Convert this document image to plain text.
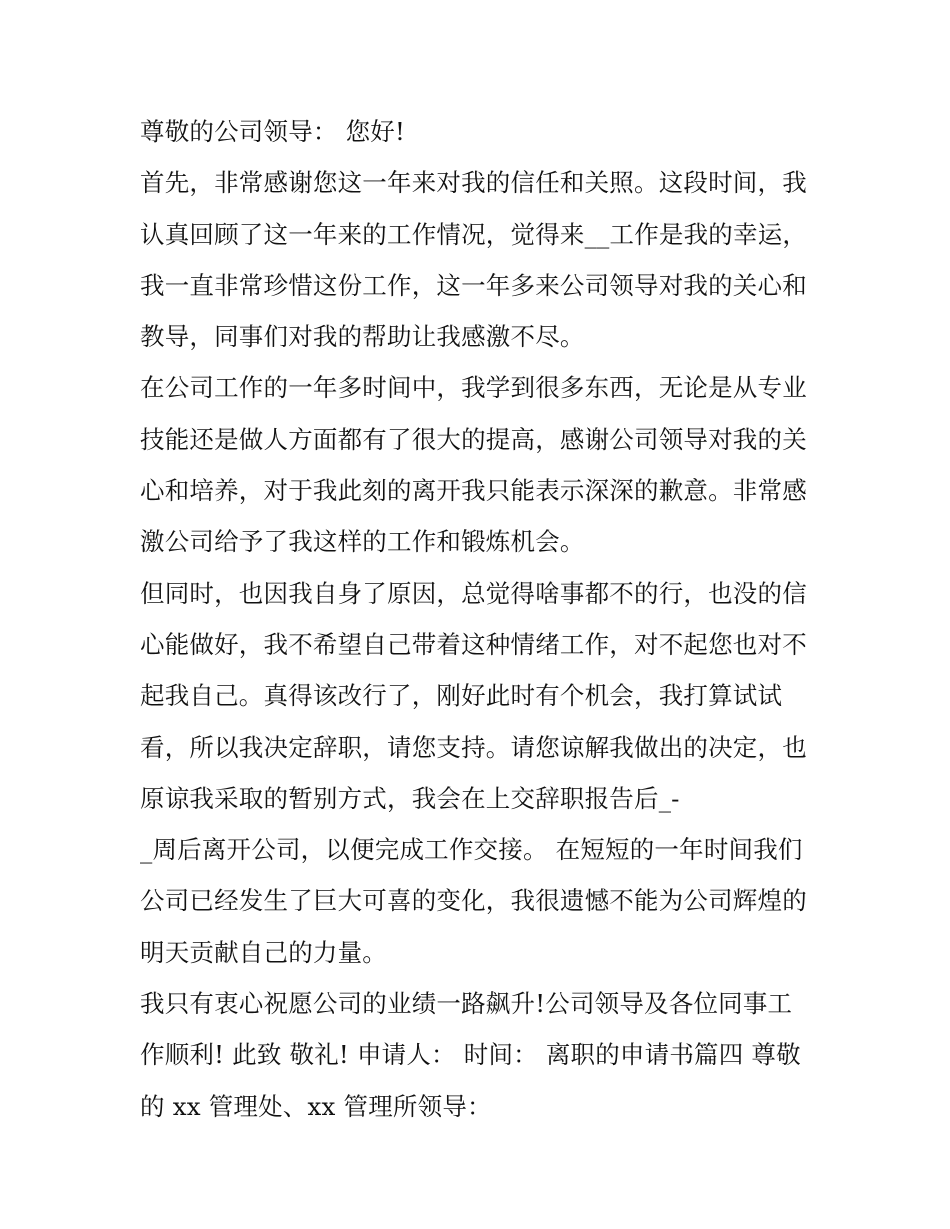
尊敬的公司领导： 您好!
首先，非常感谢您这一年来对我的信任和关照。这段时间，我
认真回顾了这一年来的工作情况，觉得来__工作是我的幸运，
我一直非常珍惜这份工作，这一年多来公司领导对我的关心和
教导，同事们对我的帮助让我感激不尽。
在公司工作的一年多时间中，我学到很多东西，无论是从专业
技能还是做人方面都有了很大的提高，感谢公司领导对我的关
心和培养，对于我此刻的离开我只能表示深深的歉意。非常感
激公司给予了我这样的工作和锻炼机会。
但同时，也因我自身了原因，总觉得啥事都不的行，也没的信
心能做好，我不希望自己带着这种情绪工作，对不起您也对不
起我自己。真得该改行了，刚好此时有个机会，我打算试试
看，所以我决定辞职，请您支持。请您谅解我做出的决定，也
原谅我采取的暂别方式，我会在上交辞职报告后_-
_周后离开公司，以便完成工作交接。 在短短的一年时间我们
公司已经发生了巨大可喜的变化，我很遗憾不能为公司辉煌的
明天贡献自己的力量。
我只有衷心祝愿公司的业绩一路飙升!公司领导及各位同事工
作顺利! 此致 敬礼! 申请人： 时间： 离职的申请书篇四 尊敬
的 xx 管理处、xx 管理所领导：
